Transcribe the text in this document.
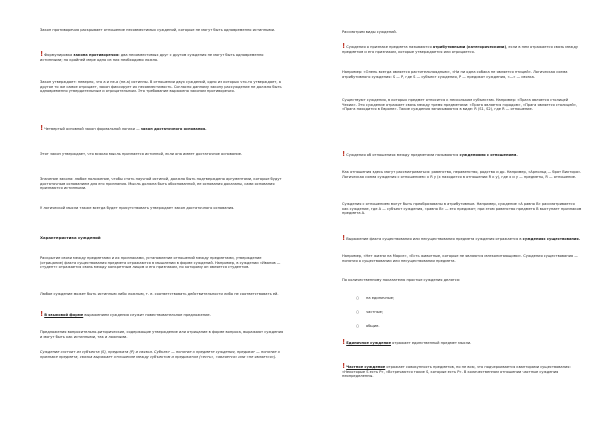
Закон противоречия раскрывает отношение несовместимых суждений, которые не могут быть одновременно истинными.

!Формулировка закона противоречия: два несовместимых друг с другом суждения не могут быть одновременно истинными; по крайней мере одно из них необходимо ложно.

Закон утверждает: неверно, что a и не-a (не-a) истинны. В отношении двух суждений, одно из которых что-то утверждает, а другое то же самое отрицает, закон фиксирует их несовместимость. Согласно данному закону рассуждение не должно быть одновременно утвердительным и отрицательным. Это требование выражено законом противоречия.

!Четвертый основной закон формальной логики — закон достаточного основания.

Этот закон утверждает, что всякая мысль признается истинной, если она имеет достаточное основание.

Значение закона: любое положение, чтобы стать научной истиной, должно быть подтверждено аргументами, которые будут достаточным основанием для его признания. Мысль должна быть обоснованной, ее основания доказаны, сами основания признаются истинными.

У логической мысли также всегда будет присутствовать утверждает закон достаточного основания.

Характеристика суждений

Раскрытие связи между предметами и их признаками, установление отношений между предметами, утверждение (отрицание) факта существования предмета отражаются в мышлении в форме суждений. Например, в суждении «Иванов — студент» отражается связь между конкретным лицом и его признаком, по которому он является студентом.

Любое суждение может быть истинным либо ложным, т. е. соответствовать действительности либо не соответствовать ей.

!В языковой форме выражением суждения служит повествовательное предложение.

Предложения вопросительно-риторические, содержащие утверждение или отрицание в форме вопроса, выражают суждения и могут быть как истинными, так и ложными.

Суждение состоит из субъекта (S), предиката (P) и связки. Субъект — понятие о предмете суждения, предикат — понятие о признаке предмета, связка выражает отношение между субъектом и предикатом («есть», «является» или «не является»).

Рассмотрим виды суждений.

!Суждения о признаке предмета называются атрибутивными (категорическими), если в нем отражается связь между предметом и его признаком, которые утверждается или отрицается.

Например: «Олень всегда является растительноядным», «Ни ни одна собака не является птицей». Логическая схема атрибутивного суждения: S — P, где S — субъект суждения, P — предикат суждения, «—» — связка.

Существуют суждения, в которых предмет относится к нескольким субъектам. Например: «Прага является столицей Чехии». Это суждение отражает связь между тремя предметами: «Прага является городом», «Прага является столицей», «Прага находится в Европе». Такие суждения записываются в виде: R (S1, S2), где R — отношение.

!Суждения об отношениях между предметами называются суждениями с отношением.

Как отношения здесь могут рассматриваться: равенство, неравенство, родство и др. Например, «Арнольд — брат Виктора». Логическая схема суждения с отношением: x R y (x находится в отношении R к y), где x и y — предметы, R — отношение.

Суждения с отношением могут быть преобразованы в атрибутивные. Например, суждение «А равно B» рассматривается как суждение, где A — субъект суждения, «равно B» — его предикат; при этом равенство предмета B выступает признаком предмета А.

!Выражение факта существования или несуществования предмета суждения отражается в суждениях существования.

Например, «Нет жизни на Марсе», «Есть животные, которые не являются млекопитающими». Суждения существования — понятия о существовании или несуществовании предмета.

По количественному показателю простые суждения делятся:

○ на единичные;
○ частные;
○ общие.

!Единичное суждение отражает единственный предмет мысли.

!Частное суждение отражает совокупность предметов, но не всю, что подчеркивается кванторами существования: «Некоторые S есть P», «Встречаются такие S, которые есть P». В количественном отношении частные суждения неопределенны.
